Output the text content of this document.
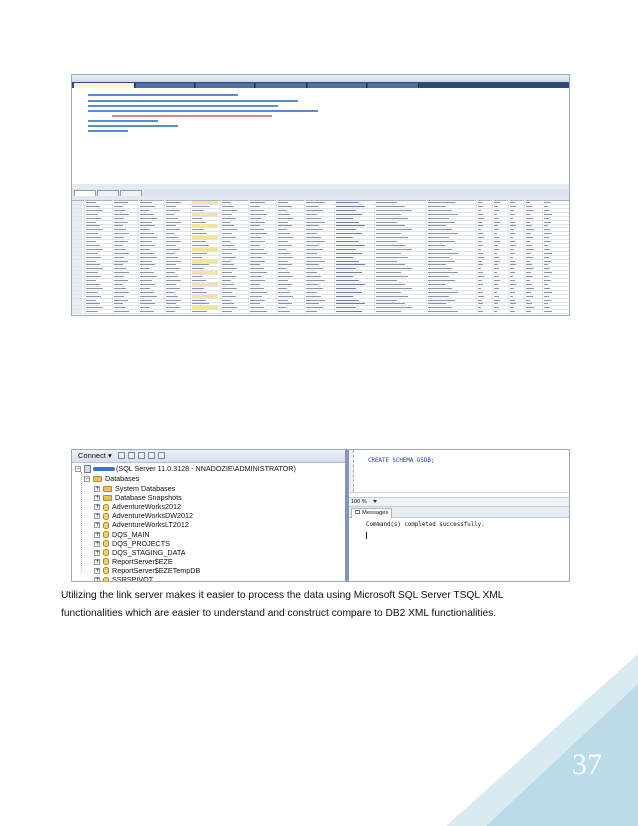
Connect ▾
−	(SQL Server 11.0.3128 - NNADOZIE\ADMINISTRATOR)
− Databases
+ System Databases
+ Database Snapshots
+ AdventureWorks2012
+ AdventureWorksDW2012
+ AdventureWorksLT2012
+ DQS_MAIN
+ DQS_PROJECTS
+ DQS_STAGING_DATA
+ ReportServer$EZE
+ ReportServer$EZETempDB
+ SSRSPIVOT
CREATE SCHEMA GSDB;
100 %
Messages
Command(s) completed successfully.
Utilizing the link server makes it easier to process the data using Microsoft SQL Server TSQL XML functionalities which are easier to understand and construct compare to DB2 XML functionalities.
37
